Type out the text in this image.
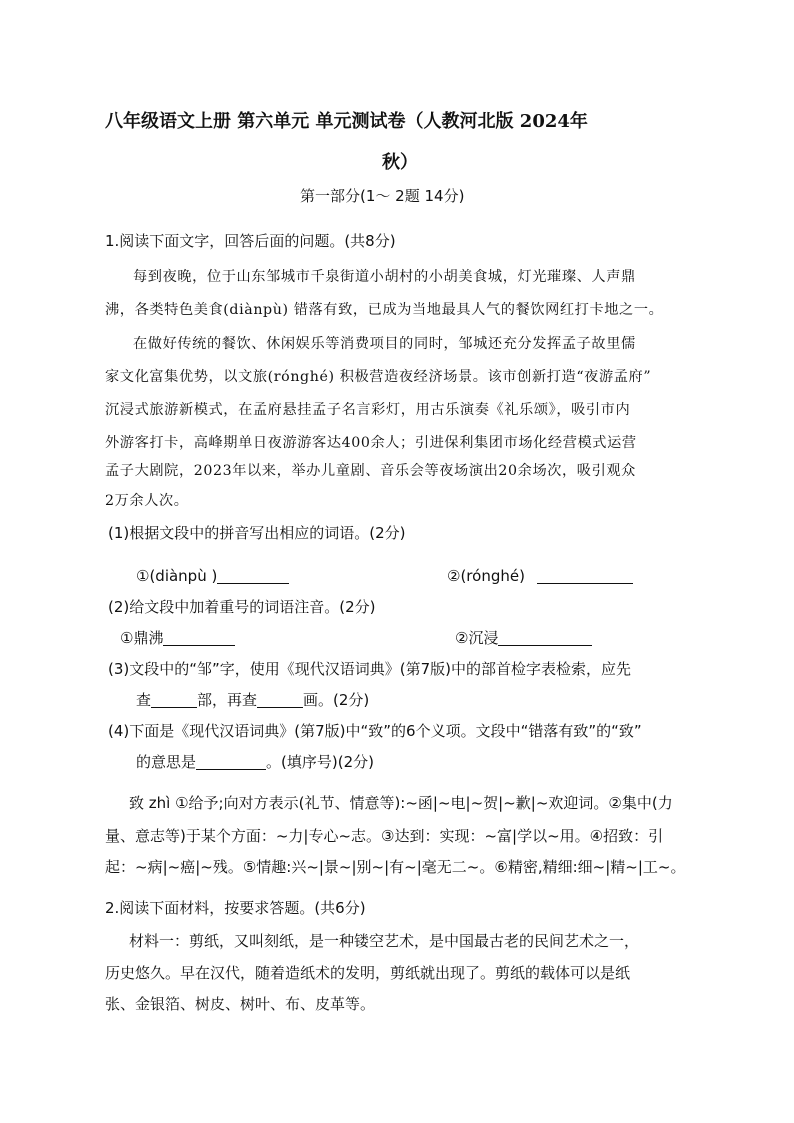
八年级语文上册 第六单元 单元测试卷（人教河北版 2024年
秋）
第一部分(1～ 2题 14分)
1.阅读下面文字，回答后面的问题。(共8分)
每到夜晚，位于山东邹城市千泉街道小胡村的小胡美食城，灯光璀璨、人声鼎
沸，各类特色美食(diànpù) 错落有致，已成为当地最具人气的餐饮网红打卡地之一。
在做好传统的餐饮、休闲娱乐等消费项目的同时，邹城还充分发挥孟子故里儒
家文化富集优势，以文旅(rónghé) 积极营造夜经济场景。该市创新打造“夜游孟府”
沉浸式旅游新模式，在孟府悬挂孟子名言彩灯，用古乐演奏《礼乐颂》，吸引市内
外游客打卡，高峰期单日夜游游客达400余人；引进保利集团市场化经营模式运营
孟子大剧院，2023年以来，举办儿童剧、音乐会等夜场演出20余场次，吸引观众
2万余人次。
(1)根据文段中的拼音写出相应的词语。(2分)
①(diànpù )	②(rónghé)
(2)给文段中加着重号的词语注音。(2分)
①鼎沸	②沉浸
(3)文段中的“邹”字，使用《现代汉语词典》(第7版)中的部首检字表检索，应先
查	部，再查	画。(2分)
(4)下面是《现代汉语词典》(第7版)中“致”的6个义项。文段中“错落有致”的“致”
的意思是	。(填序号)(2分)
致 zhì ①给予;向对方表示(礼节、情意等):~函|~电|~贺|~歉|~欢迎词。②集中(力
量、意志等)于某个方面：~力|专心~志。③达到：实现：~富|学以~用。④招致：引
起：~病|~癌|~残。⑤情趣:兴~|景~|别~|有~|毫无二~。⑥精密,精细:细~|精~|工~。
2.阅读下面材料，按要求答题。(共6分)
材料一：剪纸，又叫刻纸，是一种镂空艺术，是中国最古老的民间艺术之一，
历史悠久。早在汉代，随着造纸术的发明，剪纸就出现了。剪纸的载体可以是纸
张、金银箔、树皮、树叶、布、皮革等。
